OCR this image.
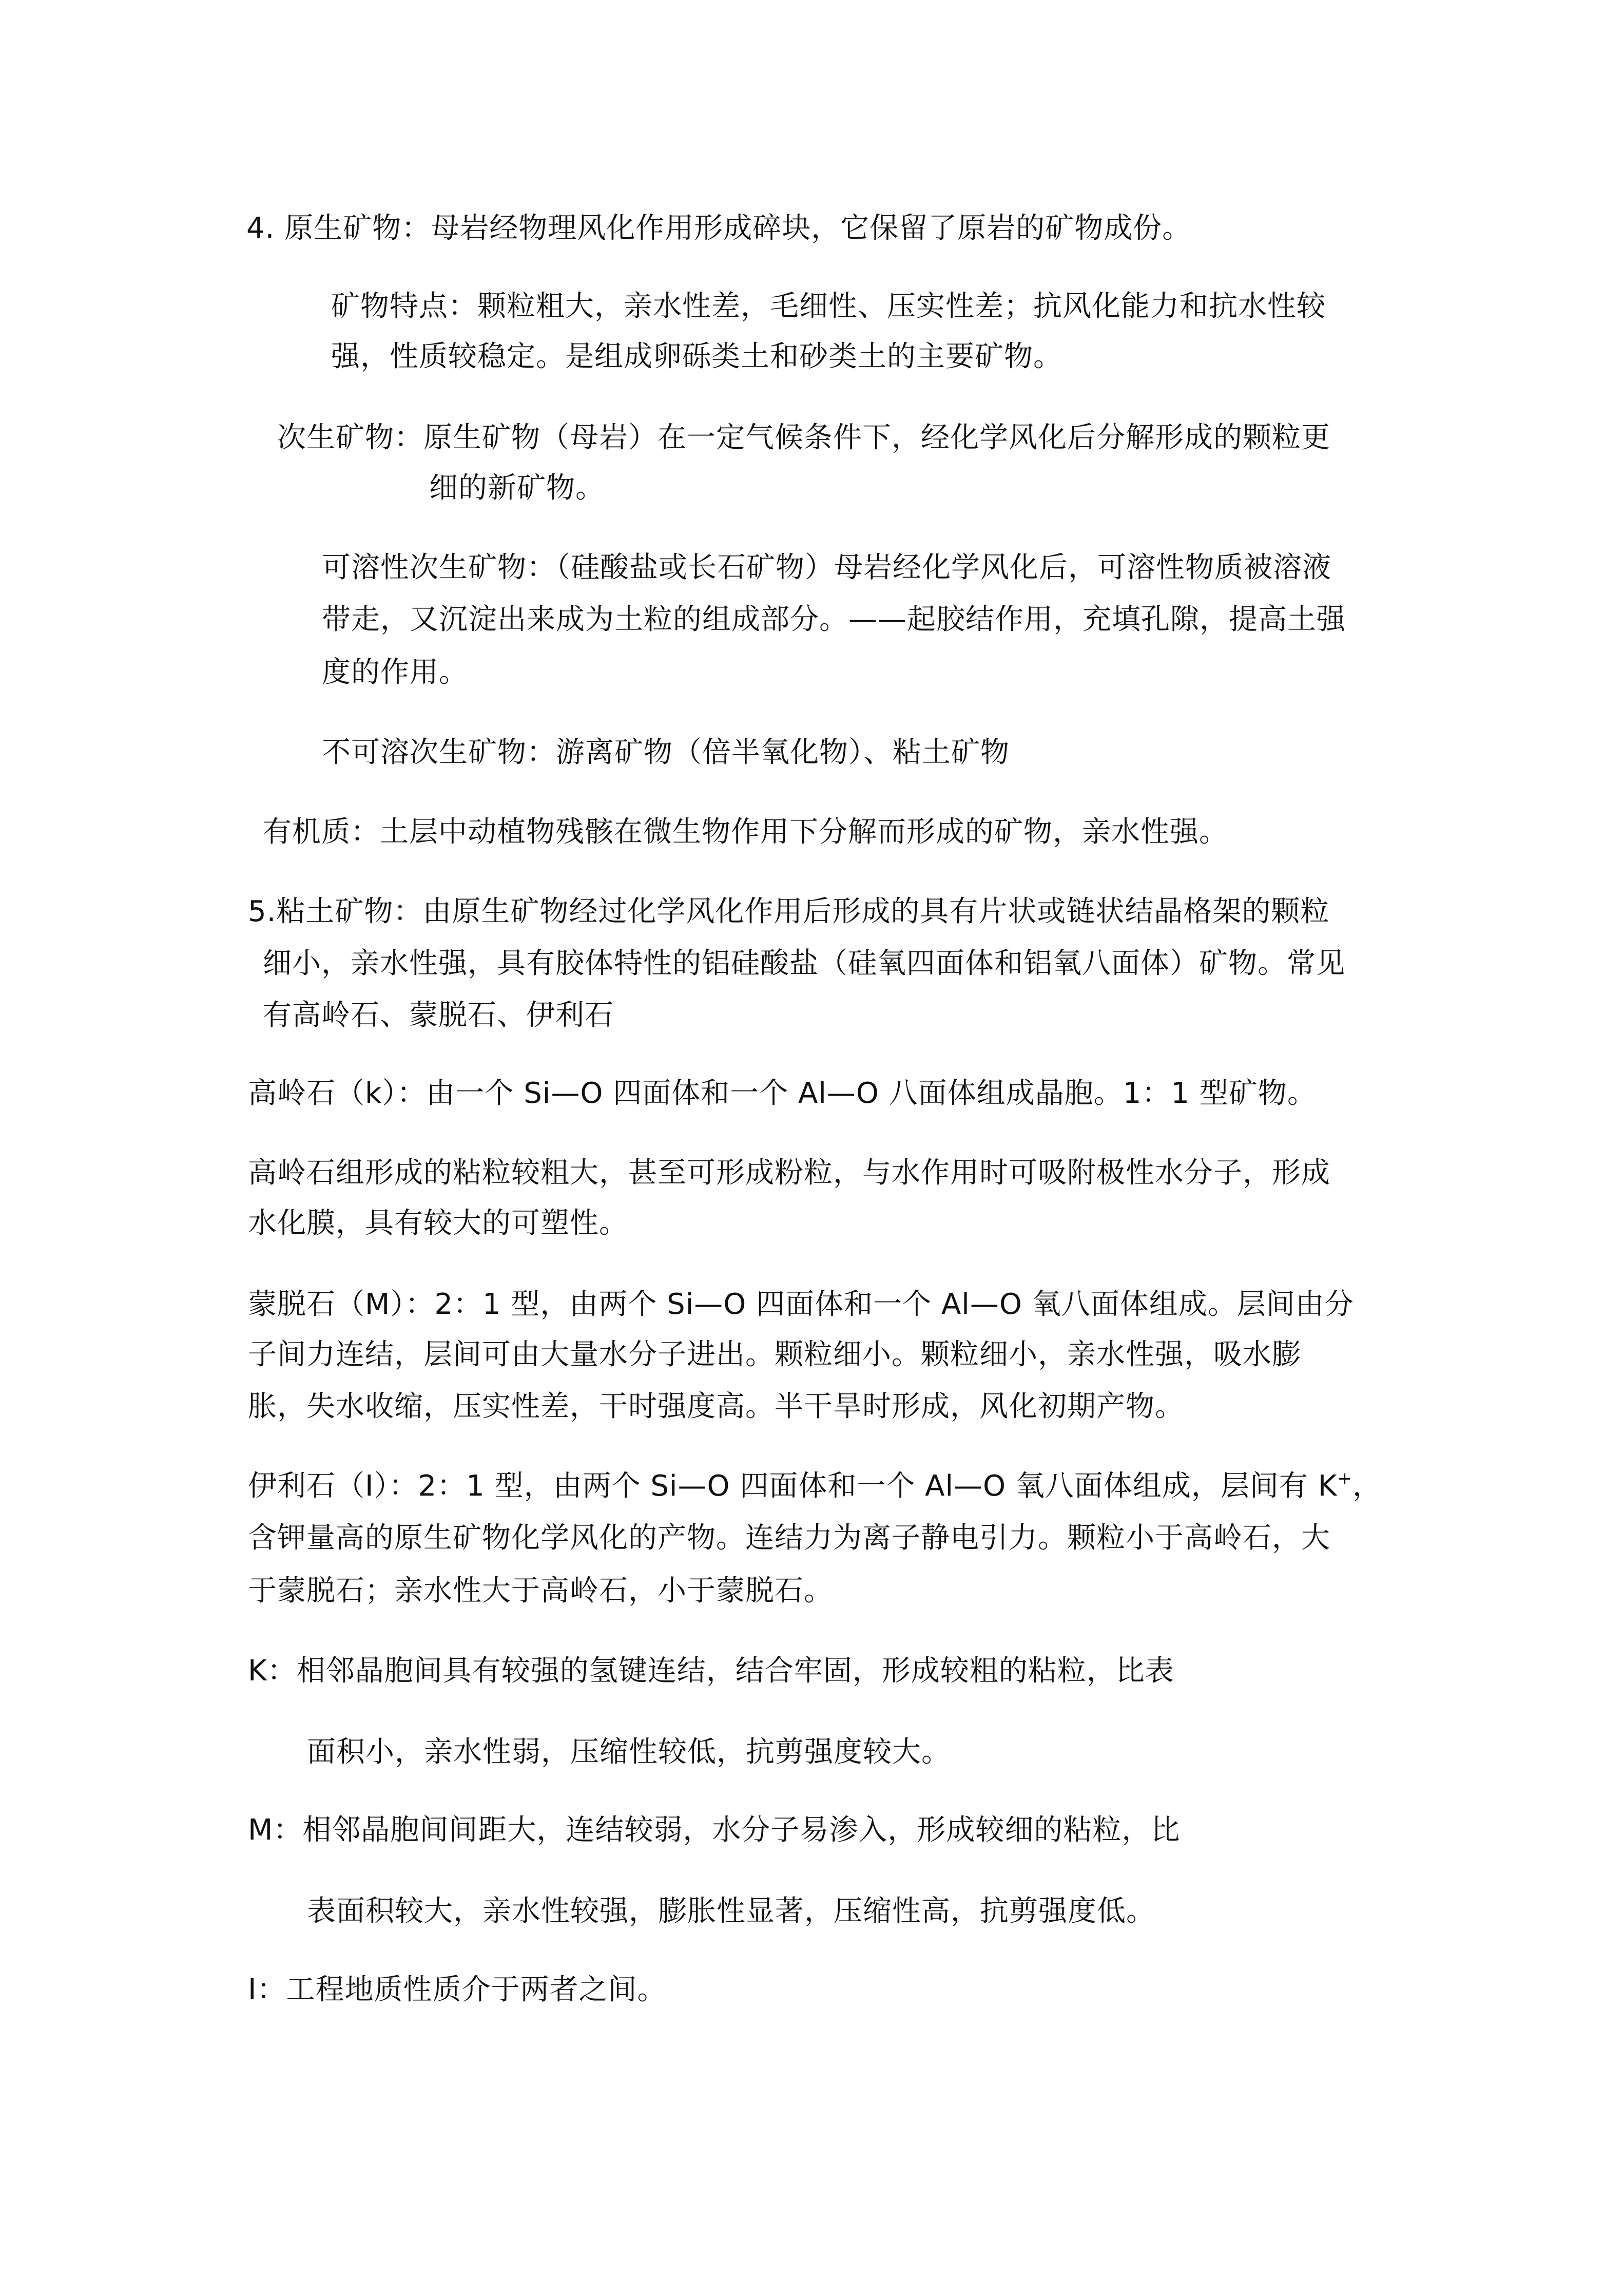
4. 原生矿物：母岩经物理风化作用形成碎块，它保留了原岩的矿物成份。
矿物特点：颗粒粗大，亲水性差，毛细性、压实性差；抗风化能力和抗水性较
强，性质较稳定。是组成卵砾类土和砂类土的主要矿物。
次生矿物：原生矿物（母岩）在一定气候条件下，经化学风化后分解形成的颗粒更
细的新矿物。
可溶性次生矿物：（硅酸盐或长石矿物）母岩经化学风化后，可溶性物质被溶液
带走，又沉淀出来成为土粒的组成部分。——起胶结作用，充填孔隙，提高土强
度的作用。
不可溶次生矿物：游离矿物（倍半氧化物）、粘土矿物
有机质：土层中动植物残骸在微生物作用下分解而形成的矿物，亲水性强。
5.粘土矿物：由原生矿物经过化学风化作用后形成的具有片状或链状结晶格架的颗粒
细小，亲水性强，具有胶体特性的铝硅酸盐（硅氧四面体和铝氧八面体）矿物。常见
有高岭石、蒙脱石、伊利石
高岭石（k）：由一个 Si—O 四面体和一个 Al—O 八面体组成晶胞。1：1 型矿物。
高岭石组形成的粘粒较粗大，甚至可形成粉粒，与水作用时可吸附极性水分子，形成
水化膜，具有较大的可塑性。
蒙脱石（M）：2：1 型，由两个 Si—O 四面体和一个 Al—O 氧八面体组成。层间由分
子间力连结，层间可由大量水分子进出。颗粒细小。颗粒细小，亲水性强，吸水膨
胀，失水收缩，压实性差，干时强度高。半干旱时形成，风化初期产物。
伊利石（I）：2：1 型，由两个 Si—O 四面体和一个 Al—O 氧八面体组成，层间有 K+，
含钾量高的原生矿物化学风化的产物。连结力为离子静电引力。颗粒小于高岭石，大
于蒙脱石；亲水性大于高岭石，小于蒙脱石。
K：相邻晶胞间具有较强的氢键连结，结合牢固，形成较粗的粘粒，比表
面积小，亲水性弱，压缩性较低，抗剪强度较大。
M：相邻晶胞间间距大，连结较弱，水分子易渗入，形成较细的粘粒，比
表面积较大，亲水性较强，膨胀性显著，压缩性高，抗剪强度低。
I：工程地质性质介于两者之间。
